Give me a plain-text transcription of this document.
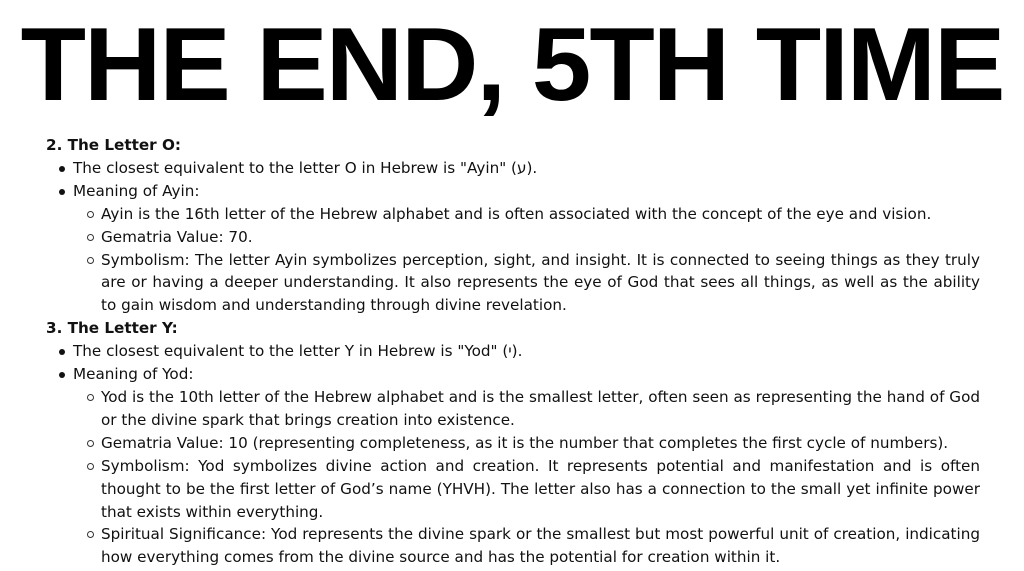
THE END, 5TH TIME

2. The Letter O:

The closest equivalent to the letter O in Hebrew is "Ayin" (ע).
Meaning of Ayin:
Ayin is the 16th letter of the Hebrew alphabet and is often associated with the concept of the eye and vision.
Gematria Value: 70.
Symbolism: The letter Ayin symbolizes perception, sight, and insight. It is connected to seeing things as they truly are or having a deeper understanding. It also represents the eye of God that sees all things, as well as the ability to gain wisdom and understanding through divine revelation.

3. The Letter Y:

The closest equivalent to the letter Y in Hebrew is "Yod" (י).
Meaning of Yod:
Yod is the 10th letter of the Hebrew alphabet and is the smallest letter, often seen as representing the hand of God or the divine spark that brings creation into existence.
Gematria Value: 10 (representing completeness, as it is the number that completes the first cycle of numbers).
Symbolism: Yod symbolizes divine action and creation. It represents potential and manifestation and is often thought to be the first letter of God’s name (YHVH). The letter also has a connection to the small yet infinite power that exists within everything.
Spiritual Significance: Yod represents the divine spark or the smallest but most powerful unit of creation, indicating how everything comes from the divine source and has the potential for creation within it.
